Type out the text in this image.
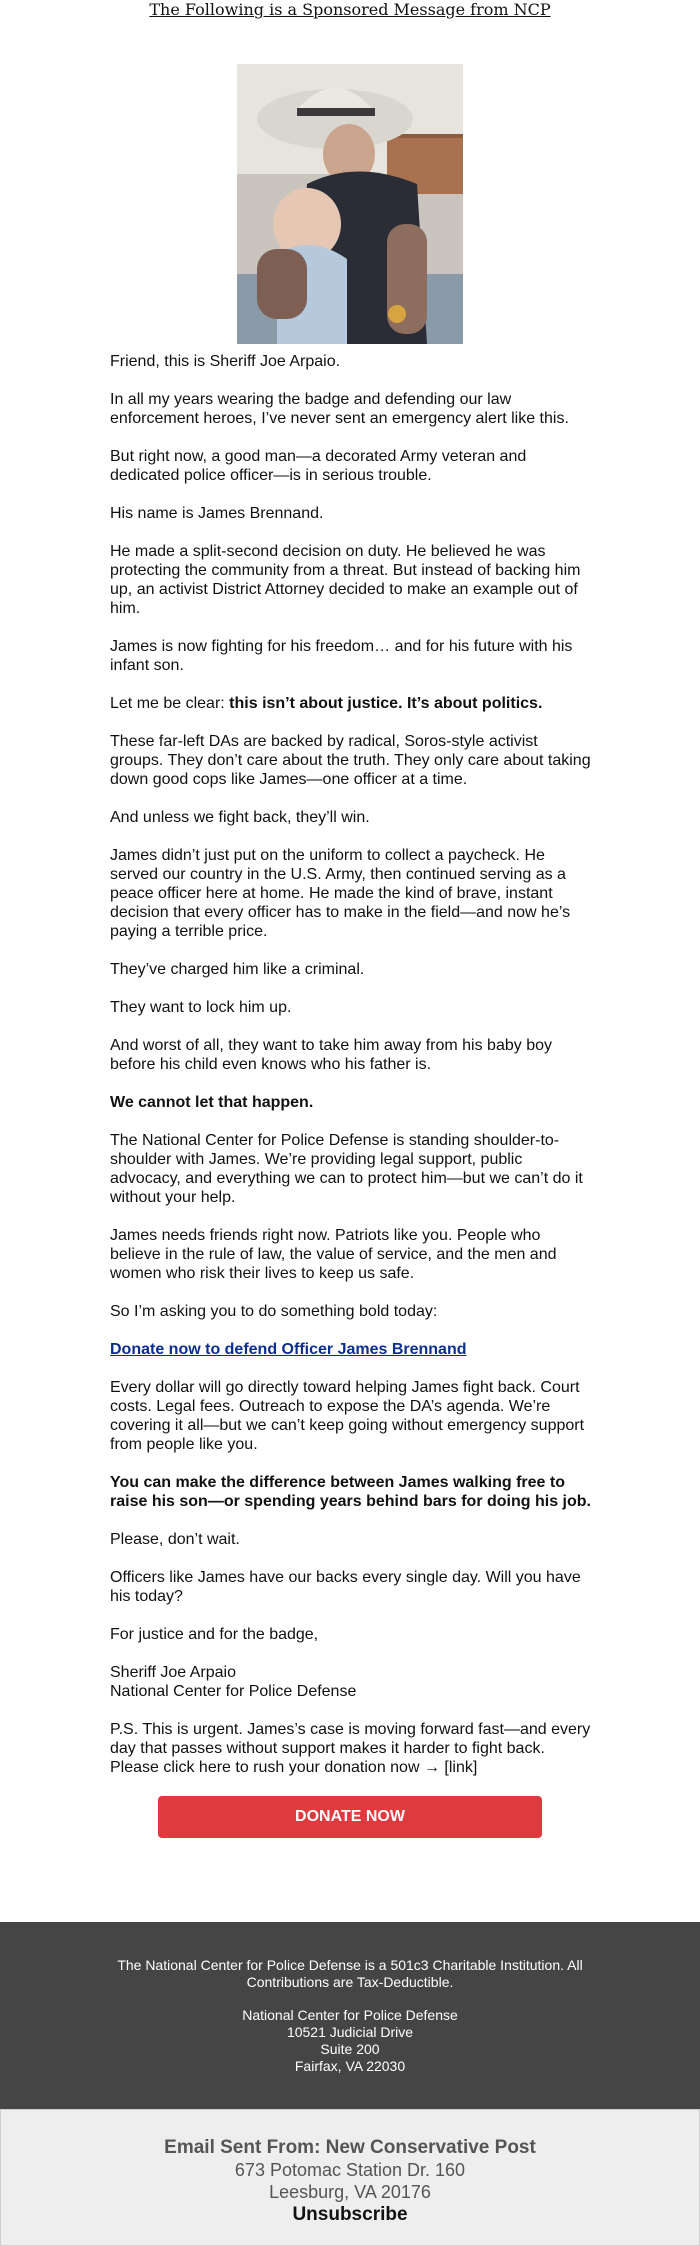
The Following is a Sponsored Message from NCP

Friend, this is Sheriff Joe Arpaio.

In all my years wearing the badge and defending our law enforcement heroes, I’ve never sent an emergency alert like this.

But right now, a good man—a decorated Army veteran and dedicated police officer—is in serious trouble.

His name is James Brennand.

He made a split-second decision on duty. He believed he was protecting the community from a threat. But instead of backing him up, an activist District Attorney decided to make an example out of him.

James is now fighting for his freedom… and for his future with his infant son.

Let me be clear: this isn’t about justice. It’s about politics.

These far-left DAs are backed by radical, Soros-style activist groups. They don’t care about the truth. They only care about taking down good cops like James—one officer at a time.

And unless we fight back, they’ll win.

James didn’t just put on the uniform to collect a paycheck. He served our country in the U.S. Army, then continued serving as a peace officer here at home. He made the kind of brave, instant decision that every officer has to make in the field—and now he’s paying a terrible price.

They’ve charged him like a criminal.

They want to lock him up.

And worst of all, they want to take him away from his baby boy before his child even knows who his father is.

We cannot let that happen.

The National Center for Police Defense is standing shoulder-to-shoulder with James. We’re providing legal support, public advocacy, and everything we can to protect him—but we can’t do it without your help.

James needs friends right now. Patriots like you. People who believe in the rule of law, the value of service, and the men and women who risk their lives to keep us safe.

So I’m asking you to do something bold today:

Donate now to defend Officer James Brennand

Every dollar will go directly toward helping James fight back. Court costs. Legal fees. Outreach to expose the DA’s agenda. We’re covering it all—but we can’t keep going without emergency support from people like you.

You can make the difference between James walking free to raise his son—or spending years behind bars for doing his job.

Please, don’t wait.

Officers like James have our backs every single day. Will you have his today?

For justice and for the badge,

Sheriff Joe Arpaio

National Center for Police Defense

P.S. This is urgent. James’s case is moving forward fast—and every day that passes without support makes it harder to fight back. Please click here to rush your donation now → [link]

DONATE NOW
The National Center for Police Defense is a 501c3 Charitable Institution. All Contributions are Tax-Deductible.
National Center for Police Defense
10521 Judicial Drive
Suite 200
Fairfax, VA 22030
Email Sent From: New Conservative Post
673 Potomac Station Dr. 160
Leesburg, VA 20176
Unsubscribe
